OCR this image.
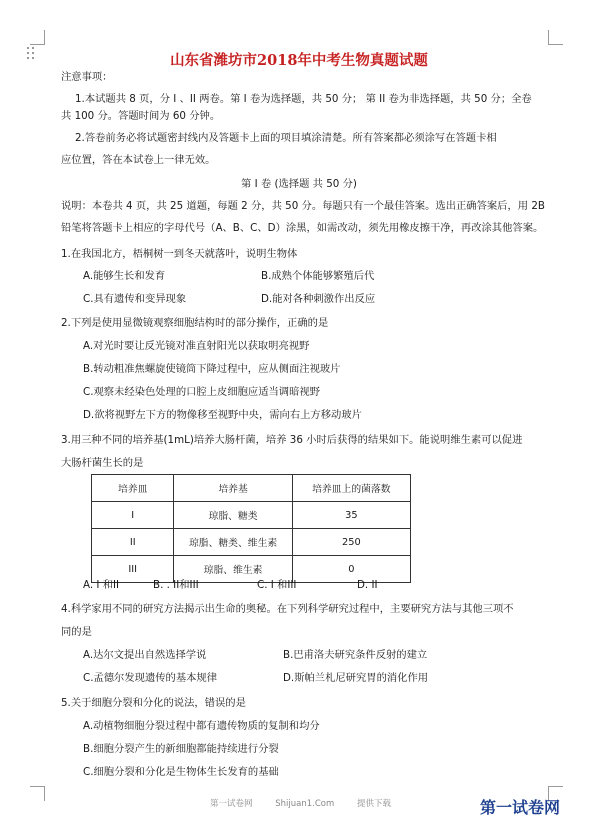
山东省潍坊市2018年中考生物真题试题
注意事项：
1.本试题共 8 页，分 I 、II 两卷。第 I 卷为选择题，共 50 分； 第 II 卷为非选择题，共 50 分；全卷
共 100 分。答题时间为 60 分钟。
2.答卷前务必将试题密封线内及答题卡上面的项目填涂清楚。所有答案都必须涂写在答题卡相
应位置，答在本试卷上一律无效。
第 I 卷 (选择题 共 50 分)
说明：本卷共 4 页，共 25 道题，每题 2 分，共 50 分。每题只有一个最佳答案。选出正确答案后，用 2B
铅笔将答题卡上相应的字母代号（A、B、C、D）涂黑，如需改动，须先用橡皮擦干净，再改涂其他答案。
1.在我国北方，梧桐树一到冬天就落叶，说明生物体
A.能够生长和发育	B.成熟个体能够繁殖后代
C.具有遗传和变异现象	D.能对各种刺激作出反应
2.下列是使用显微镜观察细胞结构时的部分操作，正确的是
A.对光时要让反光镜对准直射阳光以获取明亮视野
B.转动粗准焦螺旋使镜筒下降过程中，应从侧面注视玻片
C.观察未经染色处理的口腔上皮细胞应适当调暗视野
D.欲将视野左下方的物像移至视野中央，需向右上方移动玻片
3.用三种不同的培养基(1mL)培养大肠杆菌，培养 36 小时后获得的结果如下。能说明维生素可以促进
大肠杆菌生长的是
培养皿	培养基	培养皿上的菌落数
I	琼脂、糖类	35
II	琼脂、糖类、维生素	250
III	琼脂、维生素	0
A. I 和II	B. . II和III	C. I 和III	D. II
4.科学家用不同的研究方法揭示出生命的奥秘。在下列科学研究过程中，主要研究方法与其他三项不
同的是
A.达尔文提出自然选择学说	B.巴甫洛夫研究条件反射的建立
C.孟德尔发现遗传的基本规律	D.斯帕兰札尼研究胃的消化作用
5.关于细胞分裂和分化的说法，错误的是
A.动植物细胞分裂过程中都有遗传物质的复制和均分
B.细胞分裂产生的新细胞都能持续进行分裂
C.细胞分裂和分化是生物体生长发育的基础
第一试卷网	Shijuan1.Com	提供下载	第一试卷网
